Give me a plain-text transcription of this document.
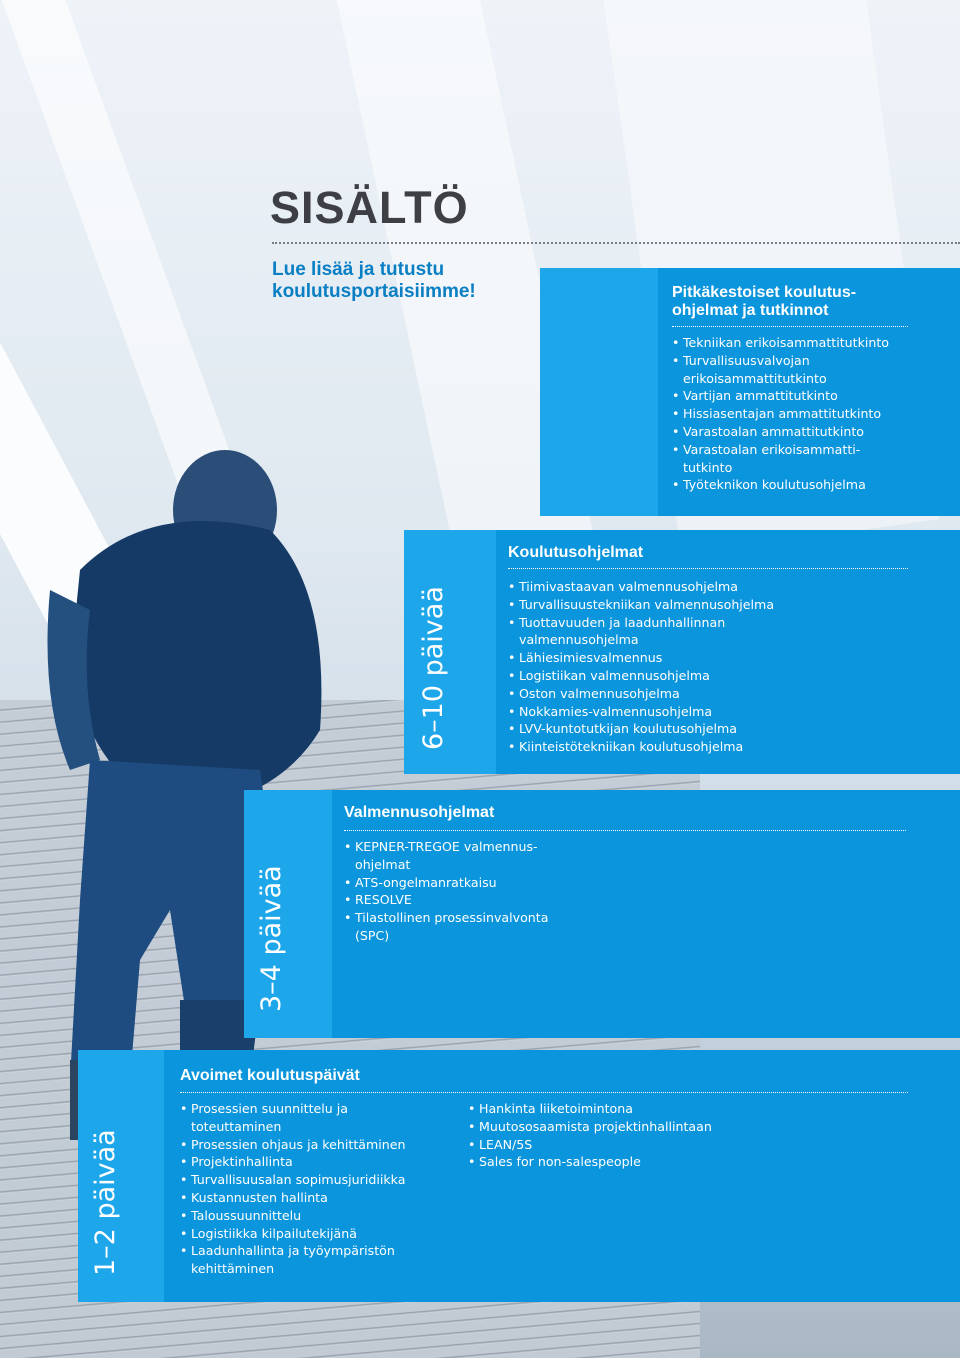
SISÄLTÖ
Lue lisää ja tutustu
koulutusportaisiimme!	Pitkäkestoiset koulutus-
ohjelmat ja tutkinnot
• Tekniikan erikoisammattitutkinto
• Turvallisuusvalvojan
erikoisammattitutkinto
• Vartijan ammattitutkinto
• Hissiasentajan ammattitutkinto
• Varastoalan ammattitutkinto
• Varastoalan erikoisammatti-
tutkinto
• Työteknikon koulutusohjelma
6–10 päivää
Koulutusohjelmat
• Tiimivastaavan valmennusohjelma
• Turvallisuustekniikan valmennusohjelma
• Tuottavuuden ja laadunhallinnan
valmennusohjelma
• Lähiesimiesvalmennus
• Logistiikan valmennusohjelma
• Oston valmennusohjelma
• Nokkamies-valmennusohjelma
• LVV-kuntotutkijan koulutusohjelma
• Kiinteistötekniikan koulutusohjelma
3–4 päivää
Valmennusohjelmat
• KEPNER-TREGOE valmennus-
ohjelmat
• ATS-ongelmanratkaisu
• RESOLVE
• Tilastollinen prosessinvalvonta
(SPC)
1–2 päivää
Avoimet koulutuspäivät
• Prosessien suunnittelu ja
toteuttaminen
• Prosessien ohjaus ja kehittäminen
• Projektinhallinta
• Turvallisuusalan sopimusjuridiikka
• Kustannusten hallinta
• Taloussuunnittelu
• Logistiikka kilpailutekijänä
• Laadunhallinta ja työympäristön
kehittäminen
• Hankinta liiketoimintona
• Muutososaamista projektinhallintaan
• LEAN/5S
• Sales for non-salespeople
